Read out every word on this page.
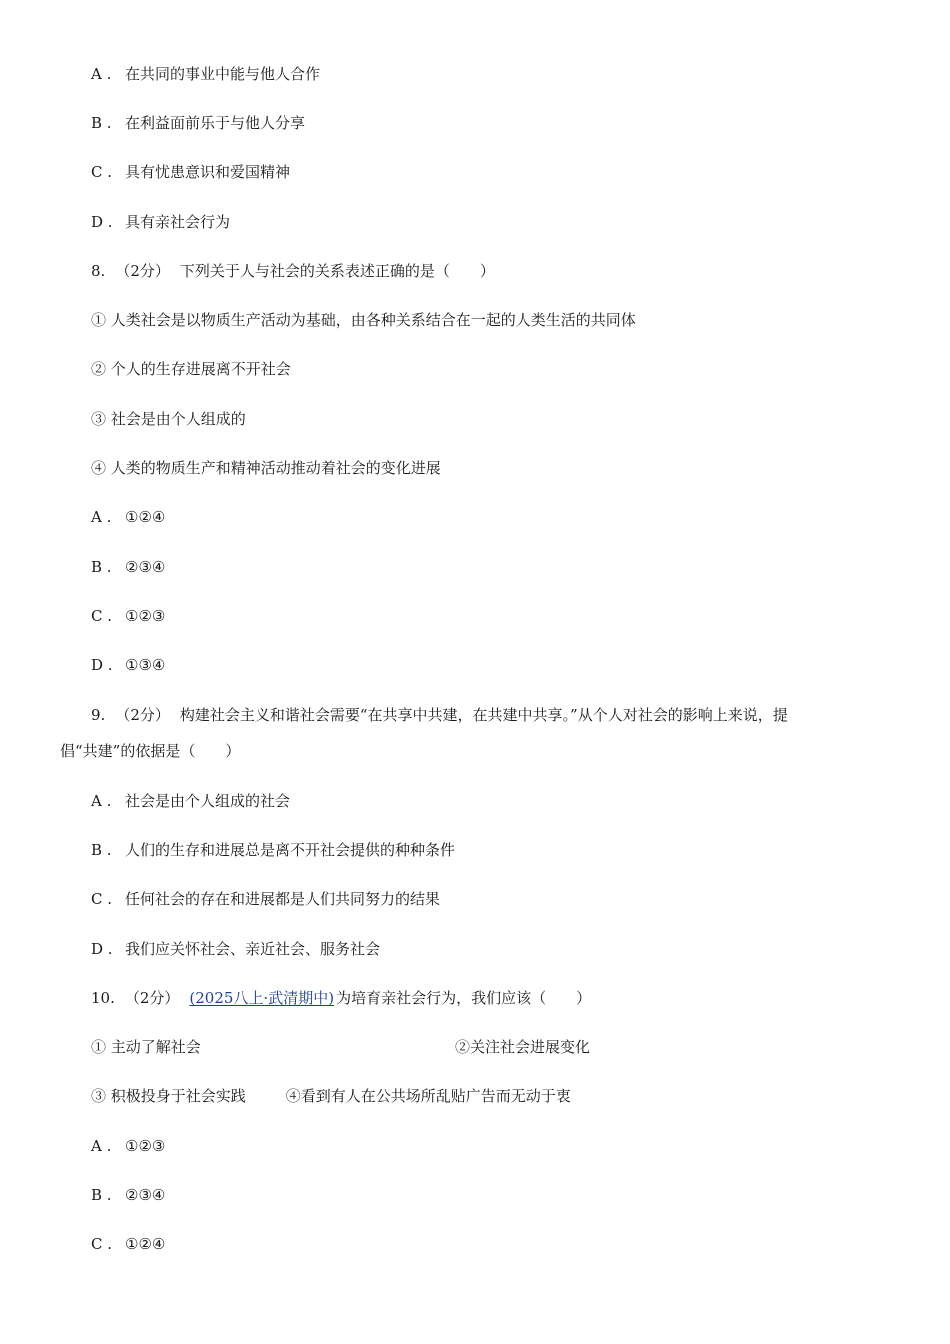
A . 在共同的事业中能与他人合作
B . 在利益面前乐于与他人分享
C . 具有忧患意识和爱国精神
D . 具有亲社会行为
8. （2分） 下列关于人与社会的关系表述正确的是（　　）
① 人类社会是以物质生产活动为基础，由各种关系结合在一起的人类生活的共同体
② 个人的生存进展离不开社会
③ 社会是由个人组成的
④ 人类的物质生产和精神活动推动着社会的变化进展
A . ①②④
B . ②③④
C . ①②③
D . ①③④
9. （2分） 构建社会主义和谐社会需要“在共享中共建，在共建中共享。”从个人对社会的影响上来说，提
倡“共建”的依据是（　　）
A . 社会是由个人组成的社会
B . 人们的生存和进展总是离不开社会提供的种种条件
C . 任何社会的存在和进展都是人们共同努力的结果
D . 我们应关怀社会、亲近社会、服务社会
10. （2分） (2025八上·武清期中) 为培育亲社会行为，我们应该（　　）
① 主动了解社会	②关注社会进展变化
③ 积极投身于社会实践	④看到有人在公共场所乱贴广告而无动于衷
A . ①②③
B . ②③④
C . ①②④
